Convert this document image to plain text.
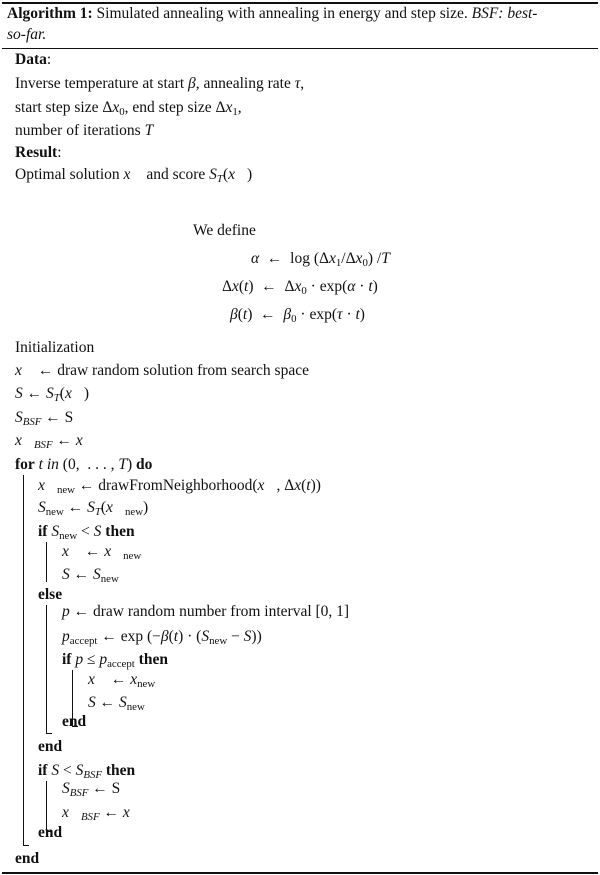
Algorithm 1: Simulated annealing with annealing in energy and step size. BSF: best-
so-far.
Data:
Inverse temperature at start β, annealing rate τ,
start step size $\Delta x_0$, end step size $\Delta x_1$,
number of iterations T
Result:
Optimal solution x⃗ and score $S_T(x⃗)$
We define
α  ←  $\log (\Delta x_1/\Delta x_0)$ /T
Δx(t)  ←  $\Delta x_0 \cdot \exp(\alpha \cdot t)$
β(t)  ←  $\beta_0 \cdot \exp(\tau \cdot t)$
Initialization
x⃗ ← draw random solution from search space
S ← $S_T(x⃗)$
$S_{BSF}$ ← S
$x⃗_{BSF}$ ← x⃗
for t in (0,  . . . , T) do
$x⃗_{new}$ ← drawFromNeighborhood(x⃗, Δx(t))
$S_{new}$ ← $S_T(x⃗_{new})$
if $S_{new} < S$ then
x⃗ ← $x⃗_{new}$
S ← $S_{new}$
else
p ← draw random number from interval [0, 1]
$p_{accept}$ ← $\exp (-\beta(t) \cdot (S_{new} - S))$
if $p \le p_{accept}$ then
x⃗ ← $x_{new}$
S ← $S_{new}$
end
end
if $S < S_{BSF}$ then
$S_{BSF}$ ← S
$x⃗_{BSF}$ ← x⃗
end
end
